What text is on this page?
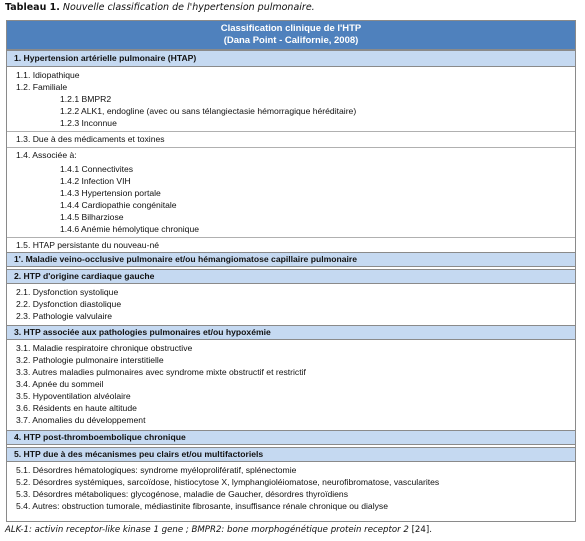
Tableau 1. Nouvelle classification de l'hypertension pulmonaire.
Classification clinique de l'HTP
(Dana Point - Californie, 2008)
1. Hypertension artérielle pulmonaire (HTAP)
1.1. Idiopathique
1.2. Familiale
1.2.1 BMPR2
1.2.2 ALK1, endogline (avec ou sans télangiectasie hémorragique héréditaire)
1.2.3 Inconnue
1.3. Due à des médicaments et toxines
1.4. Associée à:
1.4.1 Connectivites
1.4.2 Infection VIH
1.4.3 Hypertension portale
1.4.4 Cardiopathie congénitale
1.4.5 Bilharziose
1.4.6 Anémie hémolytique chronique
1.5. HTAP persistante du nouveau-né
1'. Maladie veino-occlusive pulmonaire et/ou hémangiomatose capillaire pulmonaire
2. HTP d'origine cardiaque gauche
2.1. Dysfonction systolique
2.2. Dysfonction diastolique
2.3. Pathologie valvulaire
3. HTP associée aux pathologies pulmonaires et/ou hypoxémie
3.1. Maladie respiratoire chronique obstructive
3.2. Pathologie pulmonaire interstitielle
3.3. Autres maladies pulmonaires avec syndrome mixte obstructif et restrictif
3.4. Apnée du sommeil
3.5. Hypoventilation alvéolaire
3.6. Résidents en haute altitude
3.7. Anomalies du développement
4. HTP post-thromboembolique chronique
5. HTP due à des mécanismes peu clairs et/ou multifactoriels
5.1. Désordres hématologiques: syndrome myéloprolifératif, splénectomie
5.2. Désordres systémiques, sarcoïdose, histiocytose X, lymphangioléiomatose, neurofibromatose, vascularites
5.3. Désordres métaboliques: glycogénose, maladie de Gaucher, désordres thyroïdiens
5.4. Autres: obstruction tumorale, médiastinite fibrosante, insuffisance rénale chronique ou dialyse
ALK-1: activin receptor-like kinase 1 gene ; BMPR2: bone morphogénétique protein receptor 2 [24].
